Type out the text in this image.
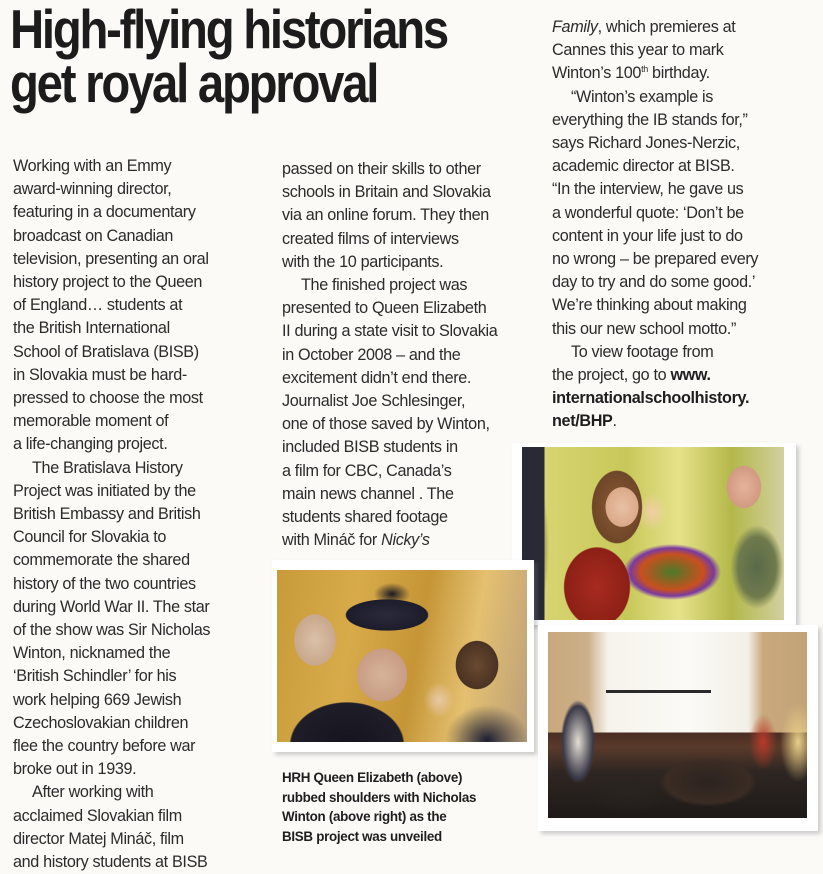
High-flying historians
get royal approval

Working with an Emmy
award-winning director,
featuring in a documentary
broadcast on Canadian
television, presenting an oral
history project to the Queen
of England… students at
the British International
School of Bratislava (BISB)
in Slovakia must be hard-
pressed to choose the most
memorable moment of
a life-changing project.

The Bratislava History
Project was initiated by the
British Embassy and British
Council for Slovakia to
commemorate the shared
history of the two countries
during World War II. The star
of the show was Sir Nicholas
Winton, nicknamed the
‘British Schindler’ for his
work helping 669 Jewish
Czechoslovakian children
flee the country before war
broke out in 1939.

After working with
acclaimed Slovakian film
director Matej Mináč, film
and history students at BISB

passed on their skills to other
schools in Britain and Slovakia
via an online forum. They then
created films of interviews
with the 10 participants.

The finished project was
presented to Queen Elizabeth
II during a state visit to Slovakia
in October 2008 – and the
excitement didn’t end there.
Journalist Joe Schlesinger,
one of those saved by Winton,
included BISB students in
a film for CBC, Canada’s
main news channel . The
students shared footage
with Mináč for Nicky’s

Family, which premieres at
Cannes this year to mark
Winton’s 100th birthday.

“Winton’s example is
everything the IB stands for,”
says Richard Jones-Nerzic,
academic director at BISB.
“In the interview, he gave us
a wonderful quote: ‘Don’t be
content in your life just to do
no wrong – be prepared every
day to try and do some good.’
We’re thinking about making
this our new school motto.”

To view footage from
the project, go to www.
internationalschoolhistory.
net/BHP.

HRH Queen Elizabeth (above)
rubbed shoulders with Nicholas
Winton (above right) as the
BISB project was unveiled
